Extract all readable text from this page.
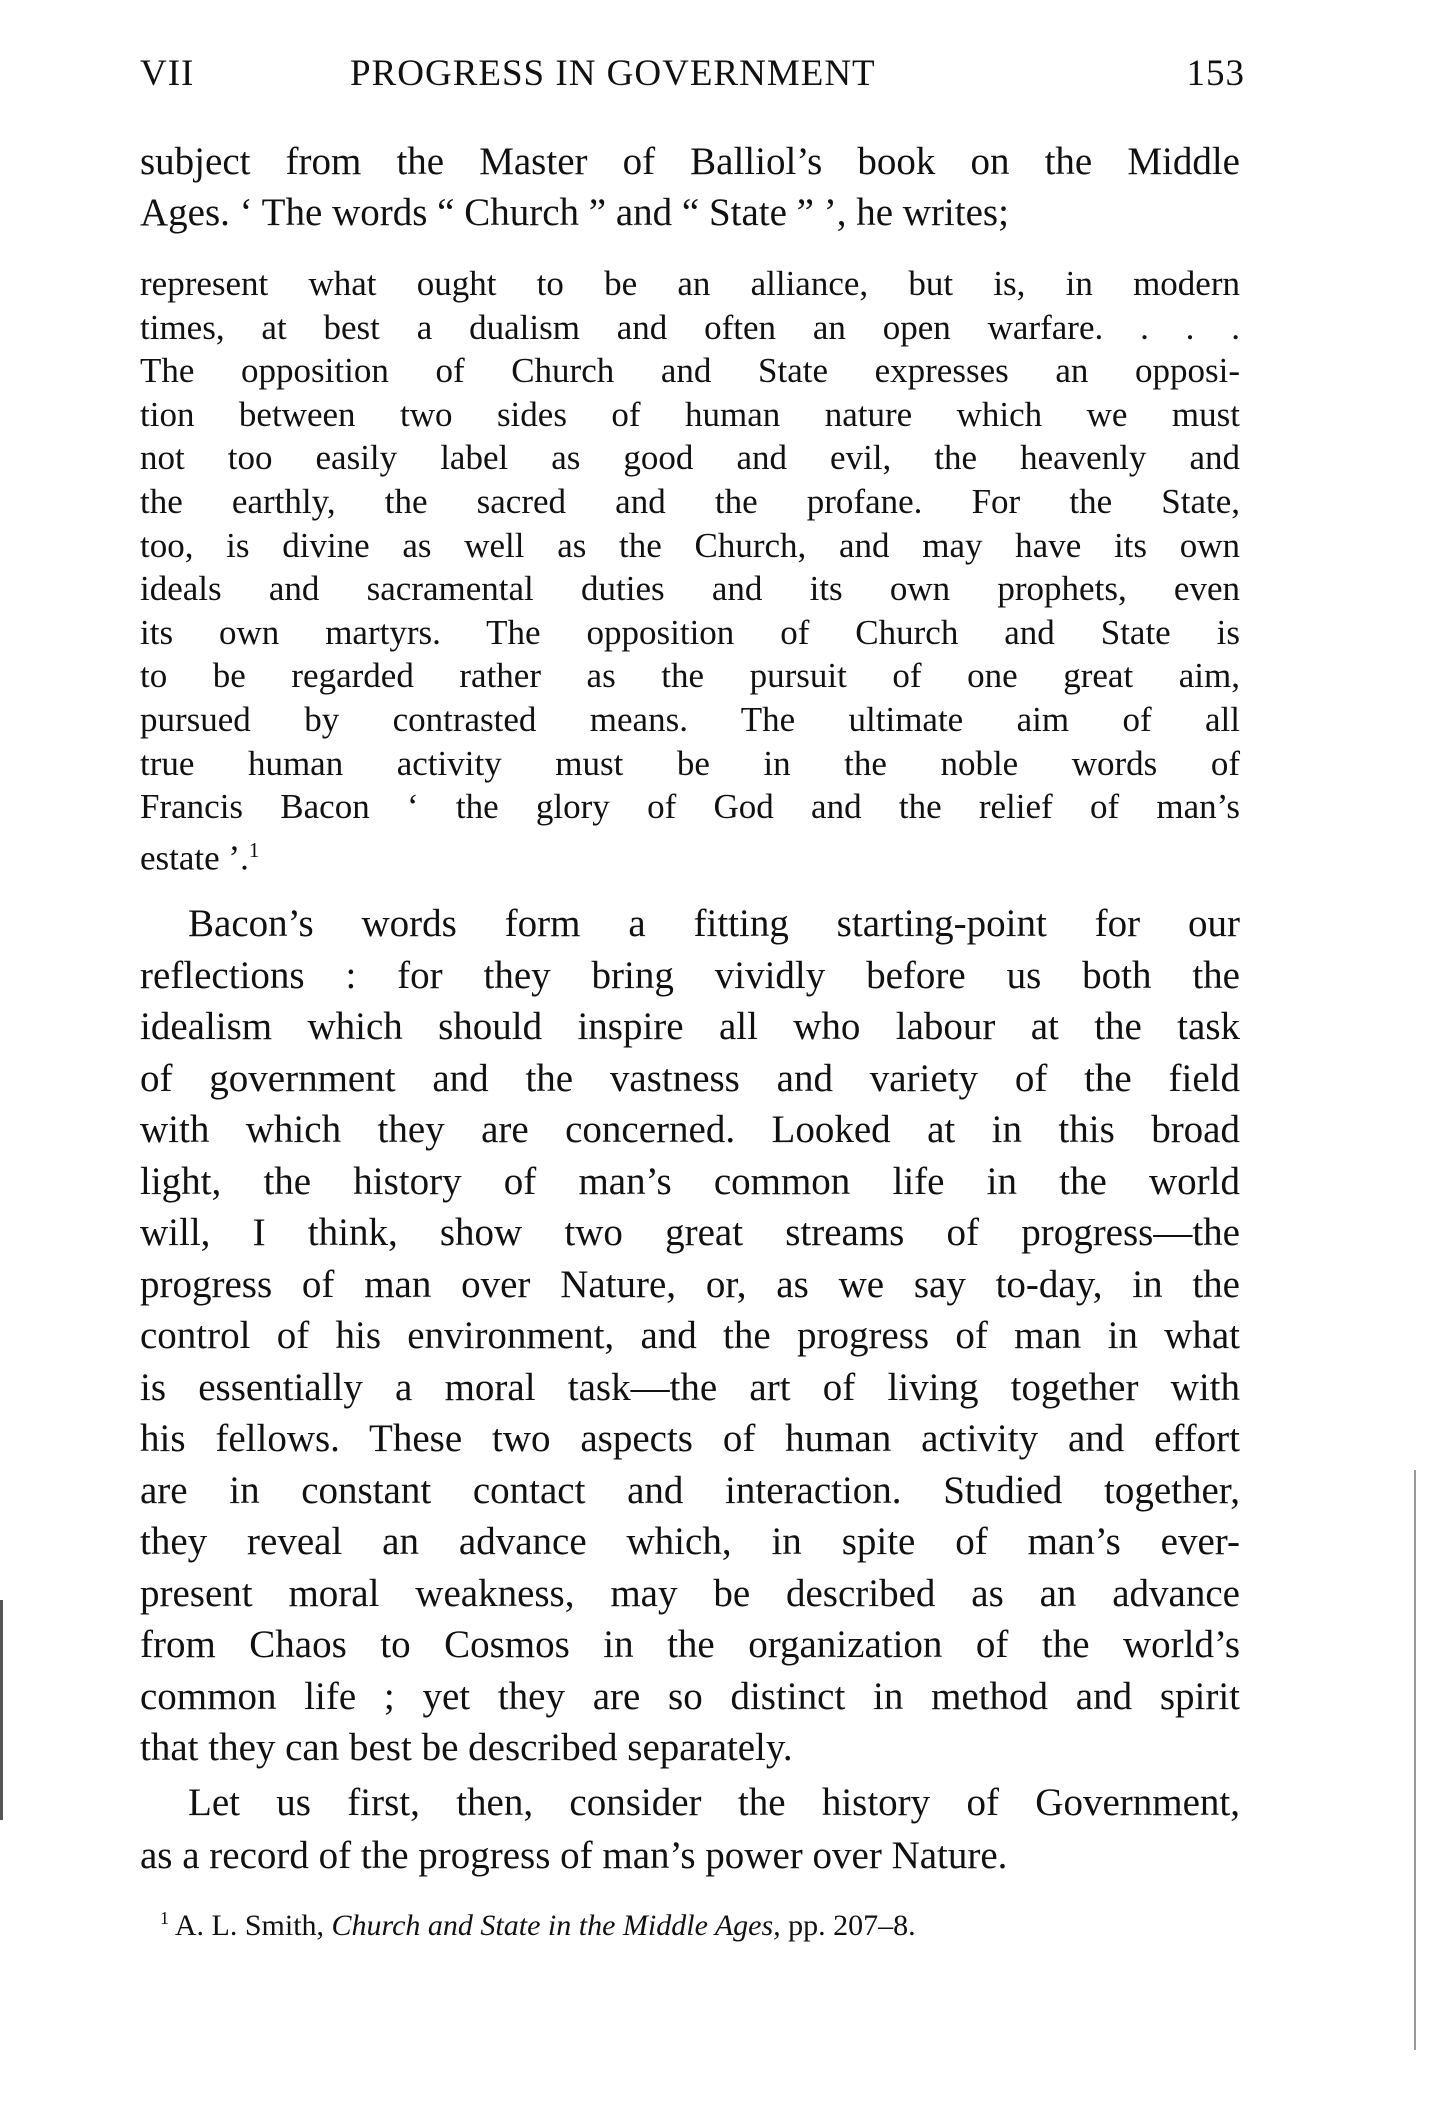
VII	PROGRESS IN GOVERNMENT	153
subject from the Master of Balliol’s book on the Middle
Ages. ‘ The words “ Church ” and “ State ” ’, he writes;
represent what ought to be an alliance, but is, in modern
times, at best a dualism and often an open warfare. . . .
The opposition of Church and State expresses an opposi-
tion between two sides of human nature which we must
not too easily label as good and evil, the heavenly and
the earthly, the sacred and the profane. For the State,
too, is divine as well as the Church, and may have its own
ideals and sacramental duties and its own prophets, even
its own martyrs. The opposition of Church and State is
to be regarded rather as the pursuit of one great aim,
pursued by contrasted means. The ultimate aim of all
true human activity must be in the noble words of
Francis Bacon ‘ the glory of God and the relief of man’s
estate ’.$^1$
Bacon’s words form a fitting starting-point for our
reflections : for they bring vividly before us both the
idealism which should inspire all who labour at the task
of government and the vastness and variety of the field
with which they are concerned. Looked at in this broad
light, the history of man’s common life in the world
will, I think, show two great streams of progress—the
progress of man over Nature, or, as we say to-day, in the
control of his environment, and the progress of man in what
is essentially a moral task—the art of living together with
his fellows. These two aspects of human activity and effort
are in constant contact and interaction. Studied together,
they reveal an advance which, in spite of man’s ever-
present moral weakness, may be described as an advance
from Chaos to Cosmos in the organization of the world’s
common life ; yet they are so distinct in method and spirit
that they can best be described separately.
Let us first, then, consider the history of Government,
as a record of the progress of man’s power over Nature.
$^1$ A. L. Smith, Church and State in the Middle Ages, pp. 207–8.
